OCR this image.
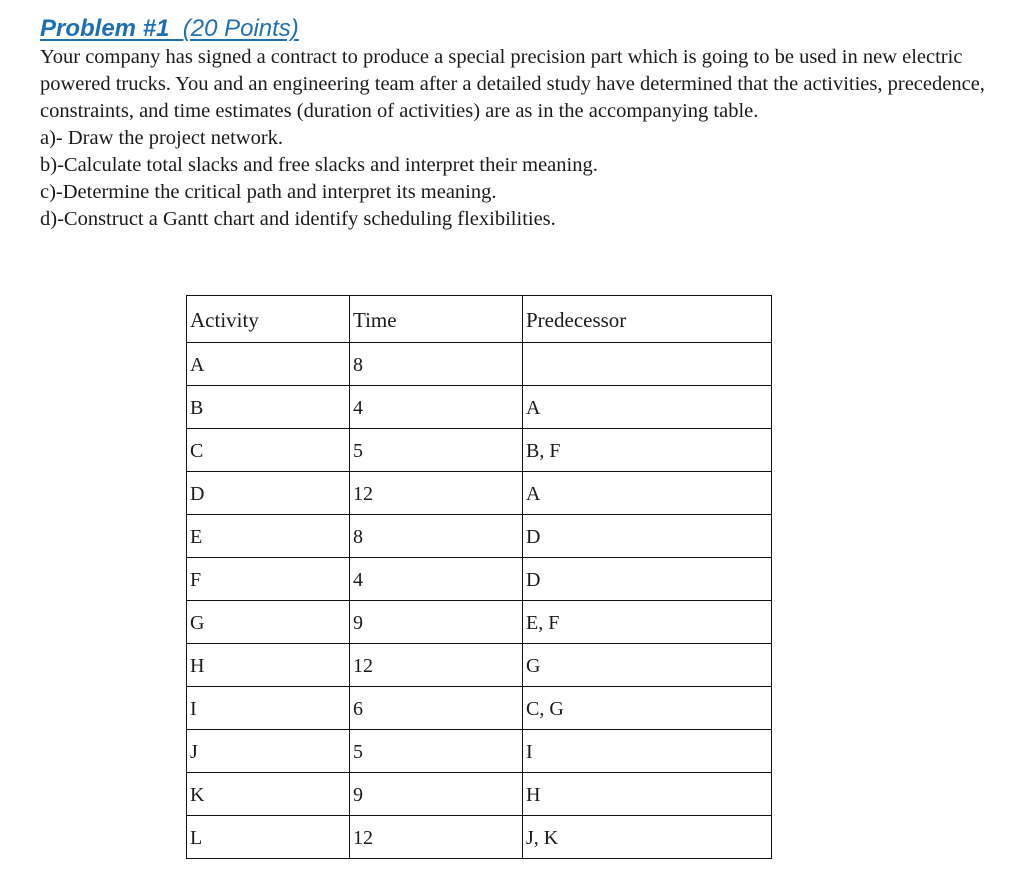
Problem #1 (20 Points)

Your company has signed a contract to produce a special precision part which is going to be used in new electric powered trucks. You and an engineering team after a detailed study have determined that the activities, precedence, constraints, and time estimates (duration of activities) are as in the accompanying table.

a)- Draw the project network.
b)-Calculate total slacks and free slacks and interpret their meaning.
c)-Determine the critical path and interpret its meaning.
d)-Construct a Gantt chart and identify scheduling flexibilities.
Activity	Time	Predecessor
A	8	
B	4	A
C	5	B, F
D	12	A
E	8	D
F	4	D
G	9	E, F
H	12	G
I	6	C, G
J	5	I
K	9	H
L	12	J, K
